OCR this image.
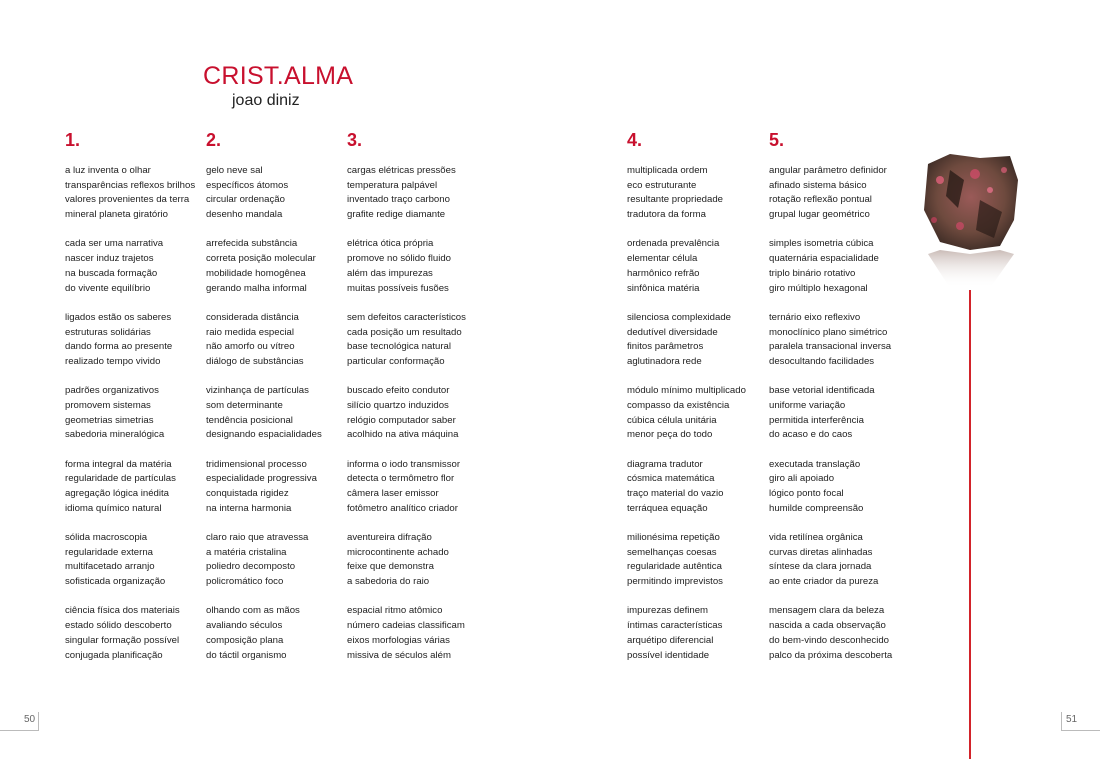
CRIST.ALMA
joao diniz
1.
a luz inventa o olhar
transparências reflexos brilhos
valores provenientes da terra
mineral planeta giratório
cada ser uma narrativa
nascer induz trajetos
na buscada formação
do vivente equilíbrio
ligados estão os saberes
estruturas solidárias
dando forma ao presente
realizado tempo vivido
padrões organizativos
promovem sistemas
geometrias simetrias
sabedoria mineralógica
forma integral da matéria
regularidade de partículas
agregação lógica inédita
idioma químico natural
sólida macroscopia
regularidade externa
multifacetado arranjo
sofisticada organização
ciência física dos materiais
estado sólido descoberto
singular formação possível
conjugada planificação
2.
gelo neve sal
específicos átomos
circular ordenação
desenho mandala
arrefecida substância
correta posição molecular
mobilidade homogênea
gerando malha informal
considerada distância
raio medida especial
não amorfo ou vítreo
diálogo de substâncias
vizinhança de partículas
som determinante
tendência posicional
designando espacialidades
tridimensional processo
especialidade progressiva
conquistada rigidez
na interna harmonia
claro raio que atravessa
a matéria cristalina
poliedro decomposto
policromático foco
olhando com as mãos
avaliando séculos
composição plana
do táctil organismo
3.
cargas elétricas pressões
temperatura palpável
inventado traço carbono
grafite redige diamante
elétrica ótica própria
promove no sólido fluido
além das impurezas
muitas possíveis fusões
sem defeitos característicos
cada posição um resultado
base tecnológica natural
particular conformação
buscado efeito condutor
silício quartzo induzidos
relógio computador saber
acolhido na ativa máquina
informa o iodo transmissor
detecta o termômetro flor
câmera laser emissor
fotômetro analítico criador
aventureira difração
microcontinente achado
feixe que demonstra
a sabedoria do raio
espacial ritmo atômico
número cadeias classificam
eixos morfologias várias
missiva de séculos além
4.
multiplicada ordem
eco estruturante
resultante propriedade
tradutora da forma
ordenada prevalência
elementar célula
harmônico refrão
sinfônica matéria
silenciosa complexidade
dedutível diversidade
finitos parâmetros
aglutinadora rede
módulo mínimo multiplicado
compasso da existência
cúbica célula unitária
menor peça do todo
diagrama tradutor
cósmica matemática
traço material do vazio
terráquea equação
milionésima repetição
semelhanças coesas
regularidade autêntica
permitindo imprevistos
impurezas definem
íntimas características
arquétipo diferencial
possível identidade
5.
angular parâmetro definidor
afinado sistema básico
rotação reflexão pontual
grupal lugar geométrico
simples isometria cúbica
quaternária espacialidade
triplo binário rotativo
giro múltiplo hexagonal
ternário eixo reflexivo
monoclínico plano simétrico
paralela transacional inversa
desocultando facilidades
base vetorial identificada
uniforme variação
permitida interferência
do acaso e do caos
executada translação
giro ali apoiado
lógico ponto focal
humilde compreensão
vida retilínea orgânica
curvas diretas alinhadas
síntese da clara jornada
ao ente criador da pureza
mensagem clara da beleza
nascida a cada observação
do bem-vindo desconhecido
palco da próxima descoberta
50	51
